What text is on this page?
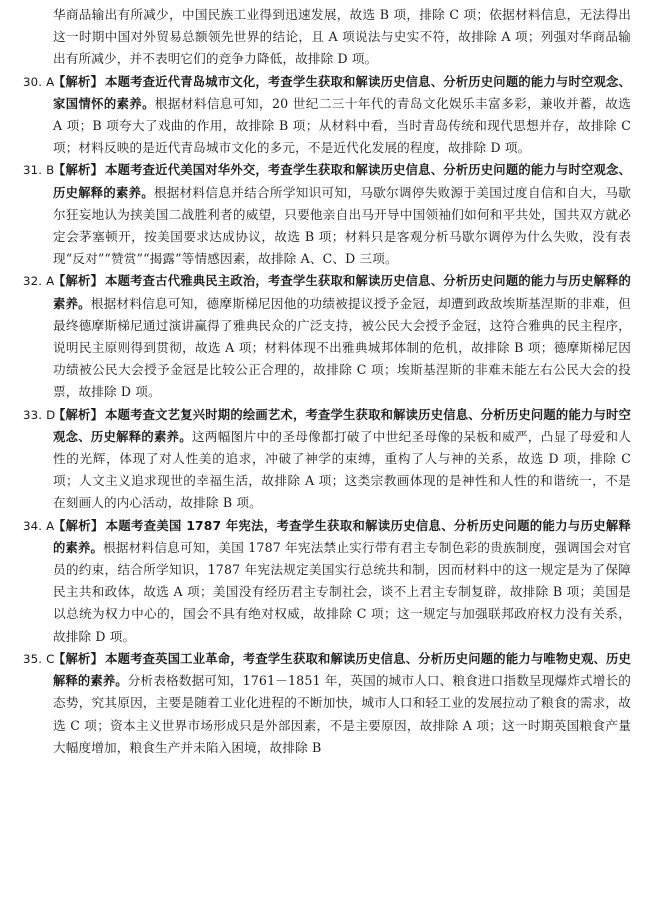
华商品输出有所减少，中国民族工业得到迅速发展，故选 B 项，排除 C 项；依据材料信息，无法得出这一时期中国对外贸易总额领先世界的结论，且 A 项说法与史实不符，故排除 A 项；列强对华商品输出有所减少，并不表明它们的竞争力降低，故排除 D 项。

30. A
【解析】 本题考查近代青岛城市文化，考查学生获取和解读历史信息、分析历史问题的能力与时空观念、家国情怀的素养。根据材料信息可知，20 世纪二三十年代的青岛文化娱乐丰富多彩，兼收并蓄，故选 A 项；B 项夸大了戏曲的作用，故排除 B 项；从材料中看，当时青岛传统和现代思想并存，故排除 C 项；材料反映的是近代青岛城市文化的多元，不是近代化发展的程度，故排除 D 项。

31. B
【解析】 本题考查近代美国对华外交，考查学生获取和解读历史信息、分析历史问题的能力与时空观念、历史解释的素养。根据材料信息并结合所学知识可知，马歇尔调停失败源于美国过度自信和自大，马歇尔狂妄地认为挟美国二战胜利者的威望，只要他亲自出马开导中国领袖们如何和平共处，国共双方就必定会茅塞顿开，按美国要求达成协议，故选 B 项；材料只是客观分析马歇尔调停为什么失败，没有表现“反对”“赞赏”“揭露”等情感因素，故排除 A、C、D 三项。

32. A
【解析】 本题考查古代雅典民主政治，考查学生获取和解读历史信息、分析历史问题的能力与历史解释的素养。根据材料信息可知，德摩斯梯尼因他的功绩被提议授予金冠，却遭到政敌埃斯基涅斯的非难，但最终德摩斯梯尼通过演讲赢得了雅典民众的广泛支持，被公民大会授予金冠，这符合雅典的民主程序，说明民主原则得到贯彻，故选 A 项；材料体现不出雅典城邦体制的危机，故排除 B 项；德摩斯梯尼因功绩被公民大会授予金冠是比较公正合理的，故排除 C 项；埃斯基涅斯的非难未能左右公民大会的投票，故排除 D 项。

33. D
【解析】 本题考查文艺复兴时期的绘画艺术，考查学生获取和解读历史信息、分析历史问题的能力与时空观念、历史解释的素养。这两幅图片中的圣母像都打破了中世纪圣母像的呆板和威严，凸显了母爱和人性的光辉，体现了对人性美的追求，冲破了神学的束缚，重构了人与神的关系，故选 D 项，排除 C 项；人文主义追求现世的幸福生活，故排除 A 项；这类宗教画体现的是神性和人性的和谐统一，不是在刻画人的内心活动，故排除 B 项。

34. A
【解析】 本题考查美国 1787 年宪法，考查学生获取和解读历史信息、分析历史问题的能力与历史解释的素养。根据材料信息可知，美国 1787 年宪法禁止实行带有君主专制色彩的贵族制度，强调国会对官员的约束，结合所学知识，1787 年宪法规定美国实行总统共和制，因而材料中的这一规定是为了保障民主共和政体，故选 A 项；美国没有经历君主专制社会，谈不上君主专制复辟，故排除 B 项；美国是以总统为权力中心的，国会不具有绝对权威，故排除 C 项；这一规定与加强联邦政府权力没有关系，故排除 D 项。

35. C
【解析】 本题考查英国工业革命，考查学生获取和解读历史信息、分析历史问题的能力与唯物史观、历史解释的素养。分析表格数据可知，1761－1851 年，英国的城市人口、粮食进口指数呈现爆炸式增长的态势，究其原因，主要是随着工业化进程的不断加快，城市人口和轻工业的发展拉动了粮食的需求，故选 C 项；资本主义世界市场形成只是外部因素，不是主要原因，故排除 A 项；这一时期英国粮食产量大幅度增加，粮食生产并未陷入困境，故排除 B
